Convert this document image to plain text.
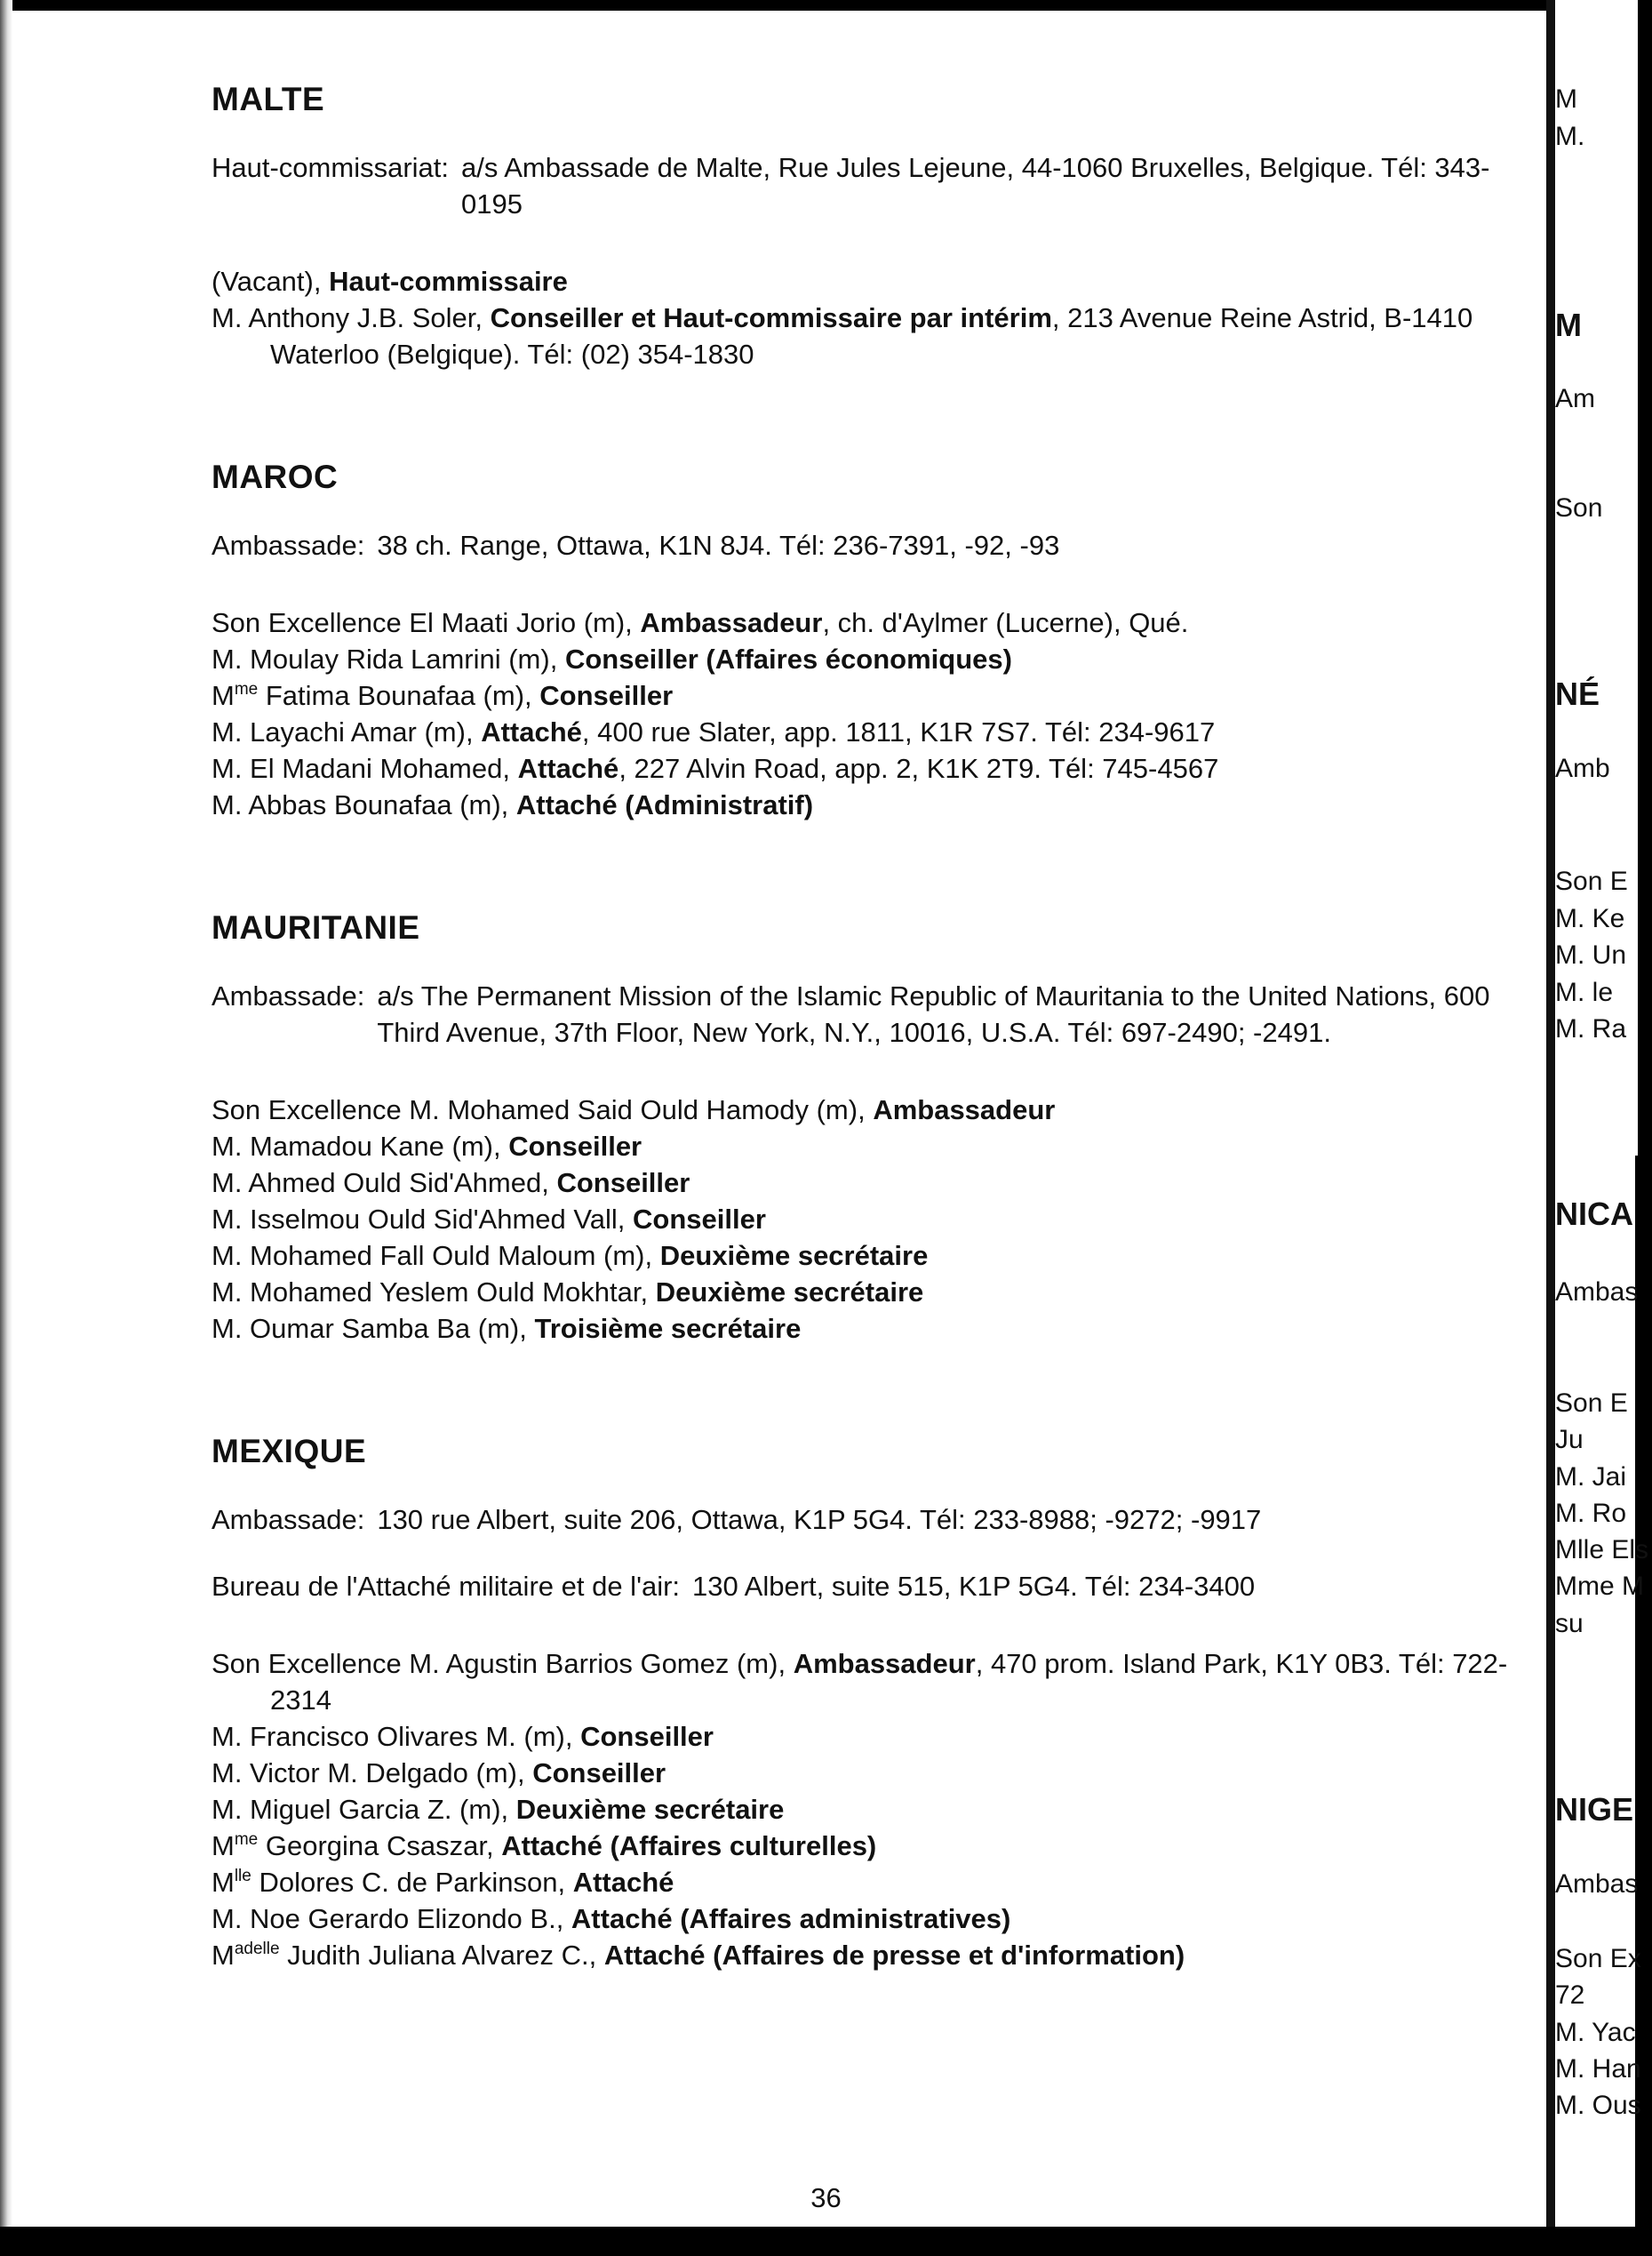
M
M.
M
Am
Son
NÉ
Amb
Son E
M. Ke
M. Un
M. le
M. Ra
NICA
Ambas
Son E
Ju
M. Jai
M. Ro
Mlle Els
Mme M
su
NIGE
Ambas
Son Ex
72
M. Yac
M. Han
M. Ous
MALTE
Haut-commissariat: a/s Ambassade de Malte, Rue Jules Lejeune, 44-1060 Bruxelles, Belgique. Tél: 343-0195
(Vacant), Haut-commissaire
M. Anthony J.B. Soler, Conseiller et Haut-commissaire par intérim, 213 Avenue Reine Astrid, B-1410 Waterloo (Belgique). Tél: (02) 354-1830
MAROC
Ambassade: 38 ch. Range, Ottawa, K1N 8J4. Tél: 236-7391, -92, -93
Son Excellence El Maati Jorio (m), Ambassadeur, ch. d'Aylmer (Lucerne), Qué.
M. Moulay Rida Lamrini (m), Conseiller (Affaires économiques)
$M^{me}$ Fatima Bounafaa (m), Conseiller
M. Layachi Amar (m), Attaché, 400 rue Slater, app. 1811, K1R 7S7. Tél: 234-9617
M. El Madani Mohamed, Attaché, 227 Alvin Road, app. 2, K1K 2T9. Tél: 745-4567
M. Abbas Bounafaa (m), Attaché (Administratif)
MAURITANIE
Ambassade: a/s The Permanent Mission of the Islamic Republic of Mauritania to the United Nations, 600 Third Avenue, 37th Floor, New York, N.Y., 10016, U.S.A. Tél: 697-2490; -2491.
Son Excellence M. Mohamed Said Ould Hamody (m), Ambassadeur
M. Mamadou Kane (m), Conseiller
M. Ahmed Ould Sid'Ahmed, Conseiller
M. Isselmou Ould Sid'Ahmed Vall, Conseiller
M. Mohamed Fall Ould Maloum (m), Deuxième secrétaire
M. Mohamed Yeslem Ould Mokhtar, Deuxième secrétaire
M. Oumar Samba Ba (m), Troisième secrétaire
MEXIQUE
Ambassade: 130 rue Albert, suite 206, Ottawa, K1P 5G4. Tél: 233-8988; -9272; -9917
Bureau de l'Attaché militaire et de l'air: 130 Albert, suite 515, K1P 5G4. Tél: 234-3400
Son Excellence M. Agustin Barrios Gomez (m), Ambassadeur, 470 prom. Island Park, K1Y 0B3. Tél: 722-2314
M. Francisco Olivares M. (m), Conseiller
M. Victor M. Delgado (m), Conseiller
M. Miguel Garcia Z. (m), Deuxième secrétaire
$M^{me}$ Georgina Csaszar, Attaché (Affaires culturelles)
$M^{lle}$ Dolores C. de Parkinson, Attaché
M. Noe Gerardo Elizondo B., Attaché (Affaires administratives)
$M^{adelle}$ Judith Juliana Alvarez C., Attaché (Affaires de presse et d'information)
36
